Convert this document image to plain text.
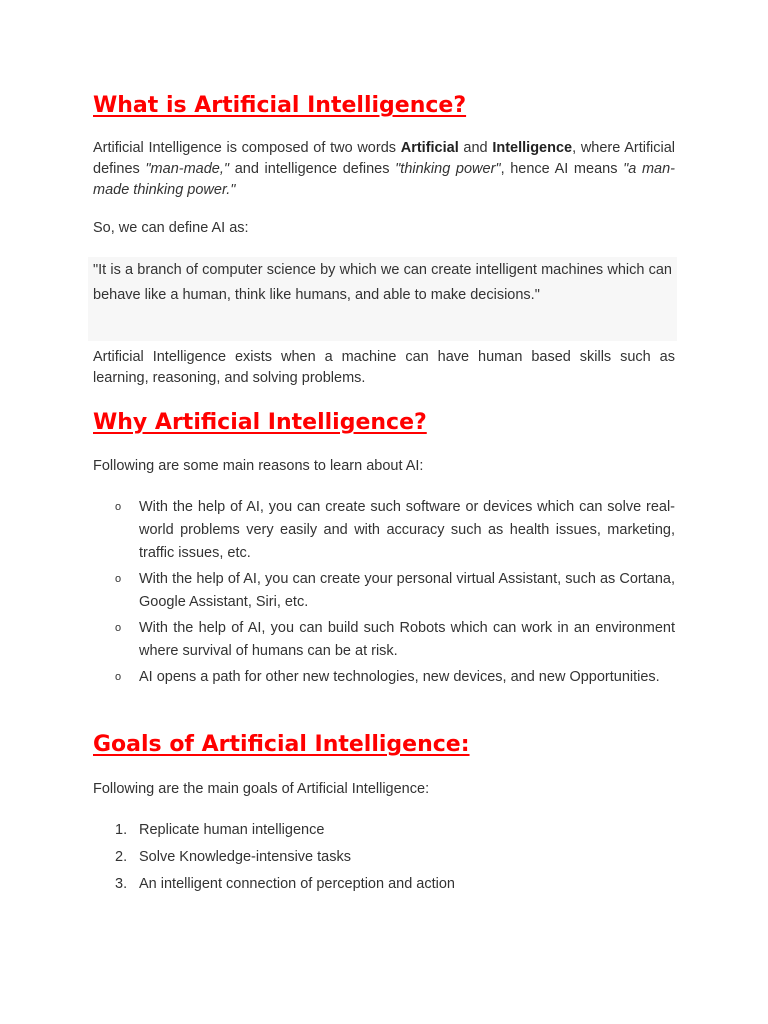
What is Artificial Intelligence?

Artificial Intelligence is composed of two words Artificial and Intelligence, where Artificial defines "man-made," and intelligence defines "thinking power", hence AI means "a man-made thinking power."

So, we can define AI as:

"It is a branch of computer science by which we can create intelligent machines which can behave like a human, think like humans, and able to make decisions."

Artificial Intelligence exists when a machine can have human based skills such as learning, reasoning, and solving problems.

Why Artificial Intelligence?

Following are some main reasons to learn about AI:

o With the help of AI, you can create such software or devices which can solve real-world problems very easily and with accuracy such as health issues, marketing, traffic issues, etc.
o With the help of AI, you can create your personal virtual Assistant, such as Cortana, Google Assistant, Siri, etc.
o With the help of AI, you can build such Robots which can work in an environment where survival of humans can be at risk.
o AI opens a path for other new technologies, new devices, and new Opportunities.
Goals of Artificial Intelligence:

Following are the main goals of Artificial Intelligence:

1. Replicate human intelligence
2. Solve Knowledge-intensive tasks
3. An intelligent connection of perception and action
